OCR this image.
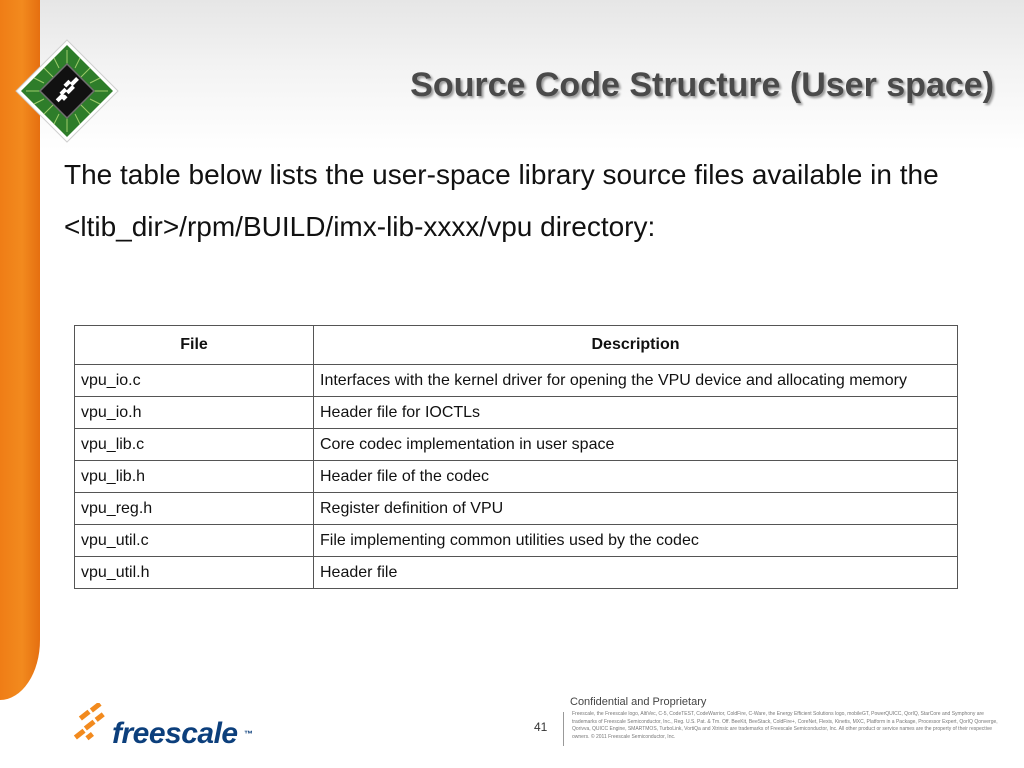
Source Code Structure (User space)

The table below lists the user-space library source files available in the

<ltib_dir>/rpm/BUILD/imx-lib-xxxx/vpu directory:

File	Description
vpu_io.c	Interfaces with the kernel driver for opening the VPU device and allocating memory
vpu_io.h	Header file for IOCTLs
vpu_lib.c	Core codec implementation in user space
vpu_lib.h	Header file of the codec
vpu_reg.h	Register definition of VPU
vpu_util.c	File implementing common utilities used by the codec
vpu_util.h	Header file
freescale ™	41
Confidential and Proprietary
Freescale, the Freescale logo, AltiVec, C-5, CodeTEST, CodeWarrior, ColdFire, C-Ware, the Energy Efficient Solutions logo, mobileGT, PowerQUICC, QorIQ, StarCore and Symphony are trademarks of Freescale Semiconductor, Inc., Reg. U.S. Pat. & Tm. Off. BeeKit, BeeStack, ColdFire+, CoreNet, Flexis, Kinetis, MXC, Platform in a Package, Processor Expert, QorIQ Qonverge, Qorivva, QUICC Engine, SMARTMOS, TurboLink, VortiQa and Xtrinsic are trademarks of Freescale Semiconductor, Inc. All other product or service names are the property of their respective owners. © 2011 Freescale Semiconductor, Inc.
